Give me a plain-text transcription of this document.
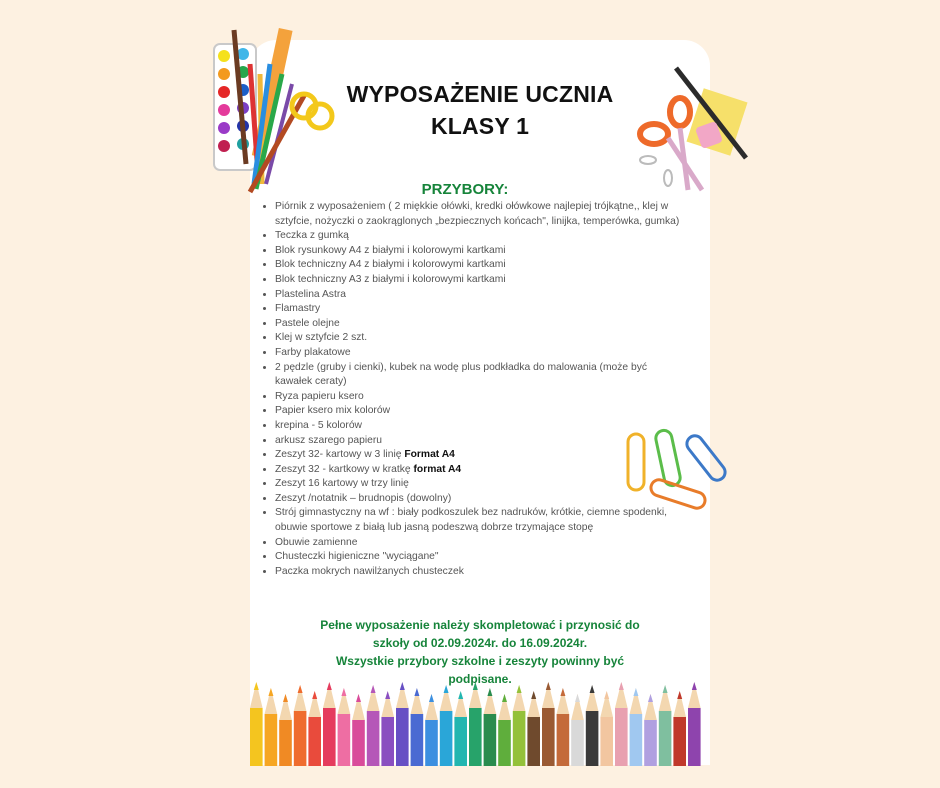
WYPOSAŻENIE UCZNIA
KLASY 1
PRZYBORY:
• Piórnik z wyposażeniem ( 2 miękkie ołówki, kredki ołówkowe najlepiej trójkątne,, klej w sztyfcie, nożyczki o zaokrąglonych „bezpiecznych końcach", linijka, temperówka, gumka)
• Teczka z gumką
• Blok rysunkowy A4 z białymi i kolorowymi kartkami
• Blok techniczny A4 z białymi i kolorowymi kartkami
• Blok techniczny A3 z białymi i kolorowymi kartkami
• Plastelina Astra
• Flamastry
• Pastele olejne
• Klej w sztyfcie 2 szt.
• Farby plakatowe
• 2 pędzle (gruby i cienki), kubek na wodę plus podkładka do malowania (może być kawałek ceraty)
• Ryza papieru ksero
• Papier ksero mix kolorów
• krepina - 5 kolorów
• arkusz szarego papieru
• Zeszyt 32- kartowy w 3 linię Format A4
• Zeszyt 32 - kartkowy w kratkę format A4
• Zeszyt 16 kartowy w trzy linię
• Zeszyt /notatnik – brudnopis (dowolny)
• Strój gimnastyczny na wf : biały podkoszulek bez nadruków, krótkie, ciemne spodenki, obuwie sportowe z białą lub jasną podeszwą dobrze trzymające stopę
• Obuwie zamienne
• Chusteczki higieniczne "wyciągane"
• Paczka mokrych nawilżanych chusteczek
Pełne wyposażenie należy skompletować i przynosić do
szkoły od 02.09.2024r. do 16.09.2024r.
Wszystkie przybory szkolne i zeszyty powinny być
podpisane.
